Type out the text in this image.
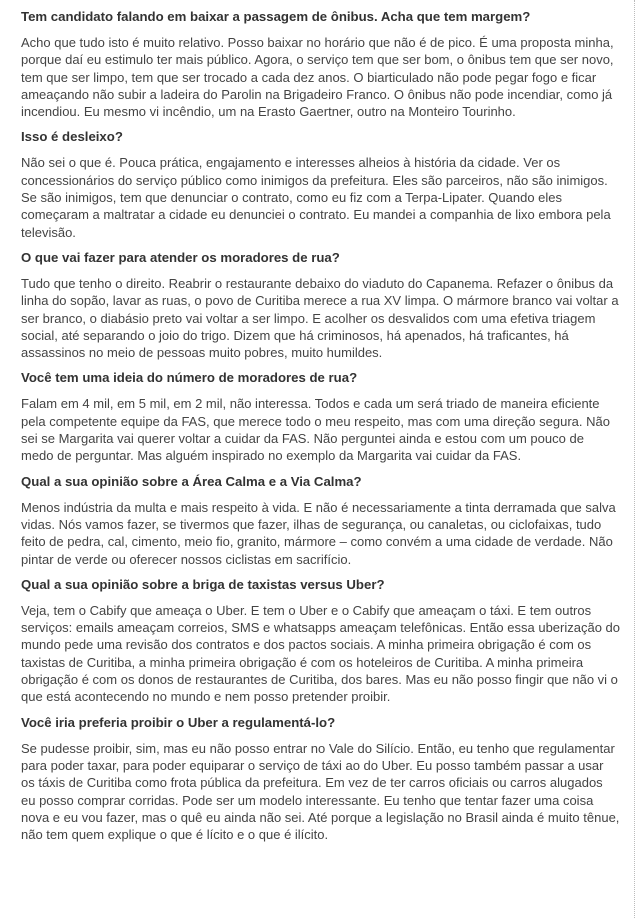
Tem candidato falando em baixar a passagem de ônibus. Acha que tem margem?

Acho que tudo isto é muito relativo. Posso baixar no horário que não é de pico. É uma proposta minha, porque daí eu estimulo ter mais público. Agora, o serviço tem que ser bom, o ônibus tem que ser novo, tem que ser limpo, tem que ser trocado a cada dez anos. O biarticulado não pode pegar fogo e ficar ameaçando não subir a ladeira do Parolin na Brigadeiro Franco. O ônibus não pode incendiar, como já incendiou. Eu mesmo vi incêndio, um na Erasto Gaertner, outro na Monteiro Tourinho.

Isso é desleixo?

Não sei o que é. Pouca prática, engajamento e interesses alheios à história da cidade. Ver os concessionários do serviço público como inimigos da prefeitura. Eles são parceiros, não são inimigos. Se são inimigos, tem que denunciar o contrato, como eu fiz com a Terpa-Lipater. Quando eles começaram a maltratar a cidade eu denunciei o contrato. Eu mandei a companhia de lixo embora pela televisão.

O que vai fazer para atender os moradores de rua?

Tudo que tenho o direito. Reabrir o restaurante debaixo do viaduto do Capanema. Refazer o ônibus da linha do sopão, lavar as ruas, o povo de Curitiba merece a rua XV limpa. O mármore branco vai voltar a ser branco, o diabásio preto vai voltar a ser limpo. E acolher os desvalidos com uma efetiva triagem social, até separando o joio do trigo. Dizem que há criminosos, há apenados, há traficantes, há assassinos no meio de pessoas muito pobres, muito humildes.

Você tem uma ideia do número de moradores de rua?

Falam em 4 mil, em 5 mil, em 2 mil, não interessa. Todos e cada um será triado de maneira eficiente pela competente equipe da FAS, que merece todo o meu respeito, mas com uma direção segura. Não sei se Margarita vai querer voltar a cuidar da FAS. Não perguntei ainda e estou com um pouco de medo de perguntar. Mas alguém inspirado no exemplo da Margarita vai cuidar da FAS.

Qual a sua opinião sobre a Área Calma e a Via Calma?

Menos indústria da multa e mais respeito à vida. E não é necessariamente a tinta derramada que salva vidas. Nós vamos fazer, se tivermos que fazer, ilhas de segurança, ou canaletas, ou ciclofaixas, tudo feito de pedra, cal, cimento, meio fio, granito, mármore – como convém a uma cidade de verdade. Não pintar de verde ou oferecer nossos ciclistas em sacrifício.

Qual a sua opinião sobre a briga de taxistas versus Uber?

Veja, tem o Cabify que ameaça o Uber. E tem o Uber e o Cabify que ameaçam o táxi. E tem outros serviços: emails ameaçam correios, SMS e whatsapps ameaçam telefônicas. Então essa uberização do mundo pede uma revisão dos contratos e dos pactos sociais. A minha primeira obrigação é com os taxistas de Curitiba, a minha primeira obrigação é com os hoteleiros de Curitiba. A minha primeira obrigação é com os donos de restaurantes de Curitiba, dos bares. Mas eu não posso fingir que não vi o que está acontecendo no mundo e nem posso pretender proibir.

Você iria preferia proibir o Uber a regulamentá-lo?

Se pudesse proibir, sim, mas eu não posso entrar no Vale do Silício. Então, eu tenho que regulamentar para poder taxar, para poder equiparar o serviço de táxi ao do Uber. Eu posso também passar a usar os táxis de Curitiba como frota pública da prefeitura. Em vez de ter carros oficiais ou carros alugados eu posso comprar corridas. Pode ser um modelo interessante. Eu tenho que tentar fazer uma coisa nova e eu vou fazer, mas o quê eu ainda não sei. Até porque a legislação no Brasil ainda é muito tênue, não tem quem explique o que é lícito e o que é ilícito.
